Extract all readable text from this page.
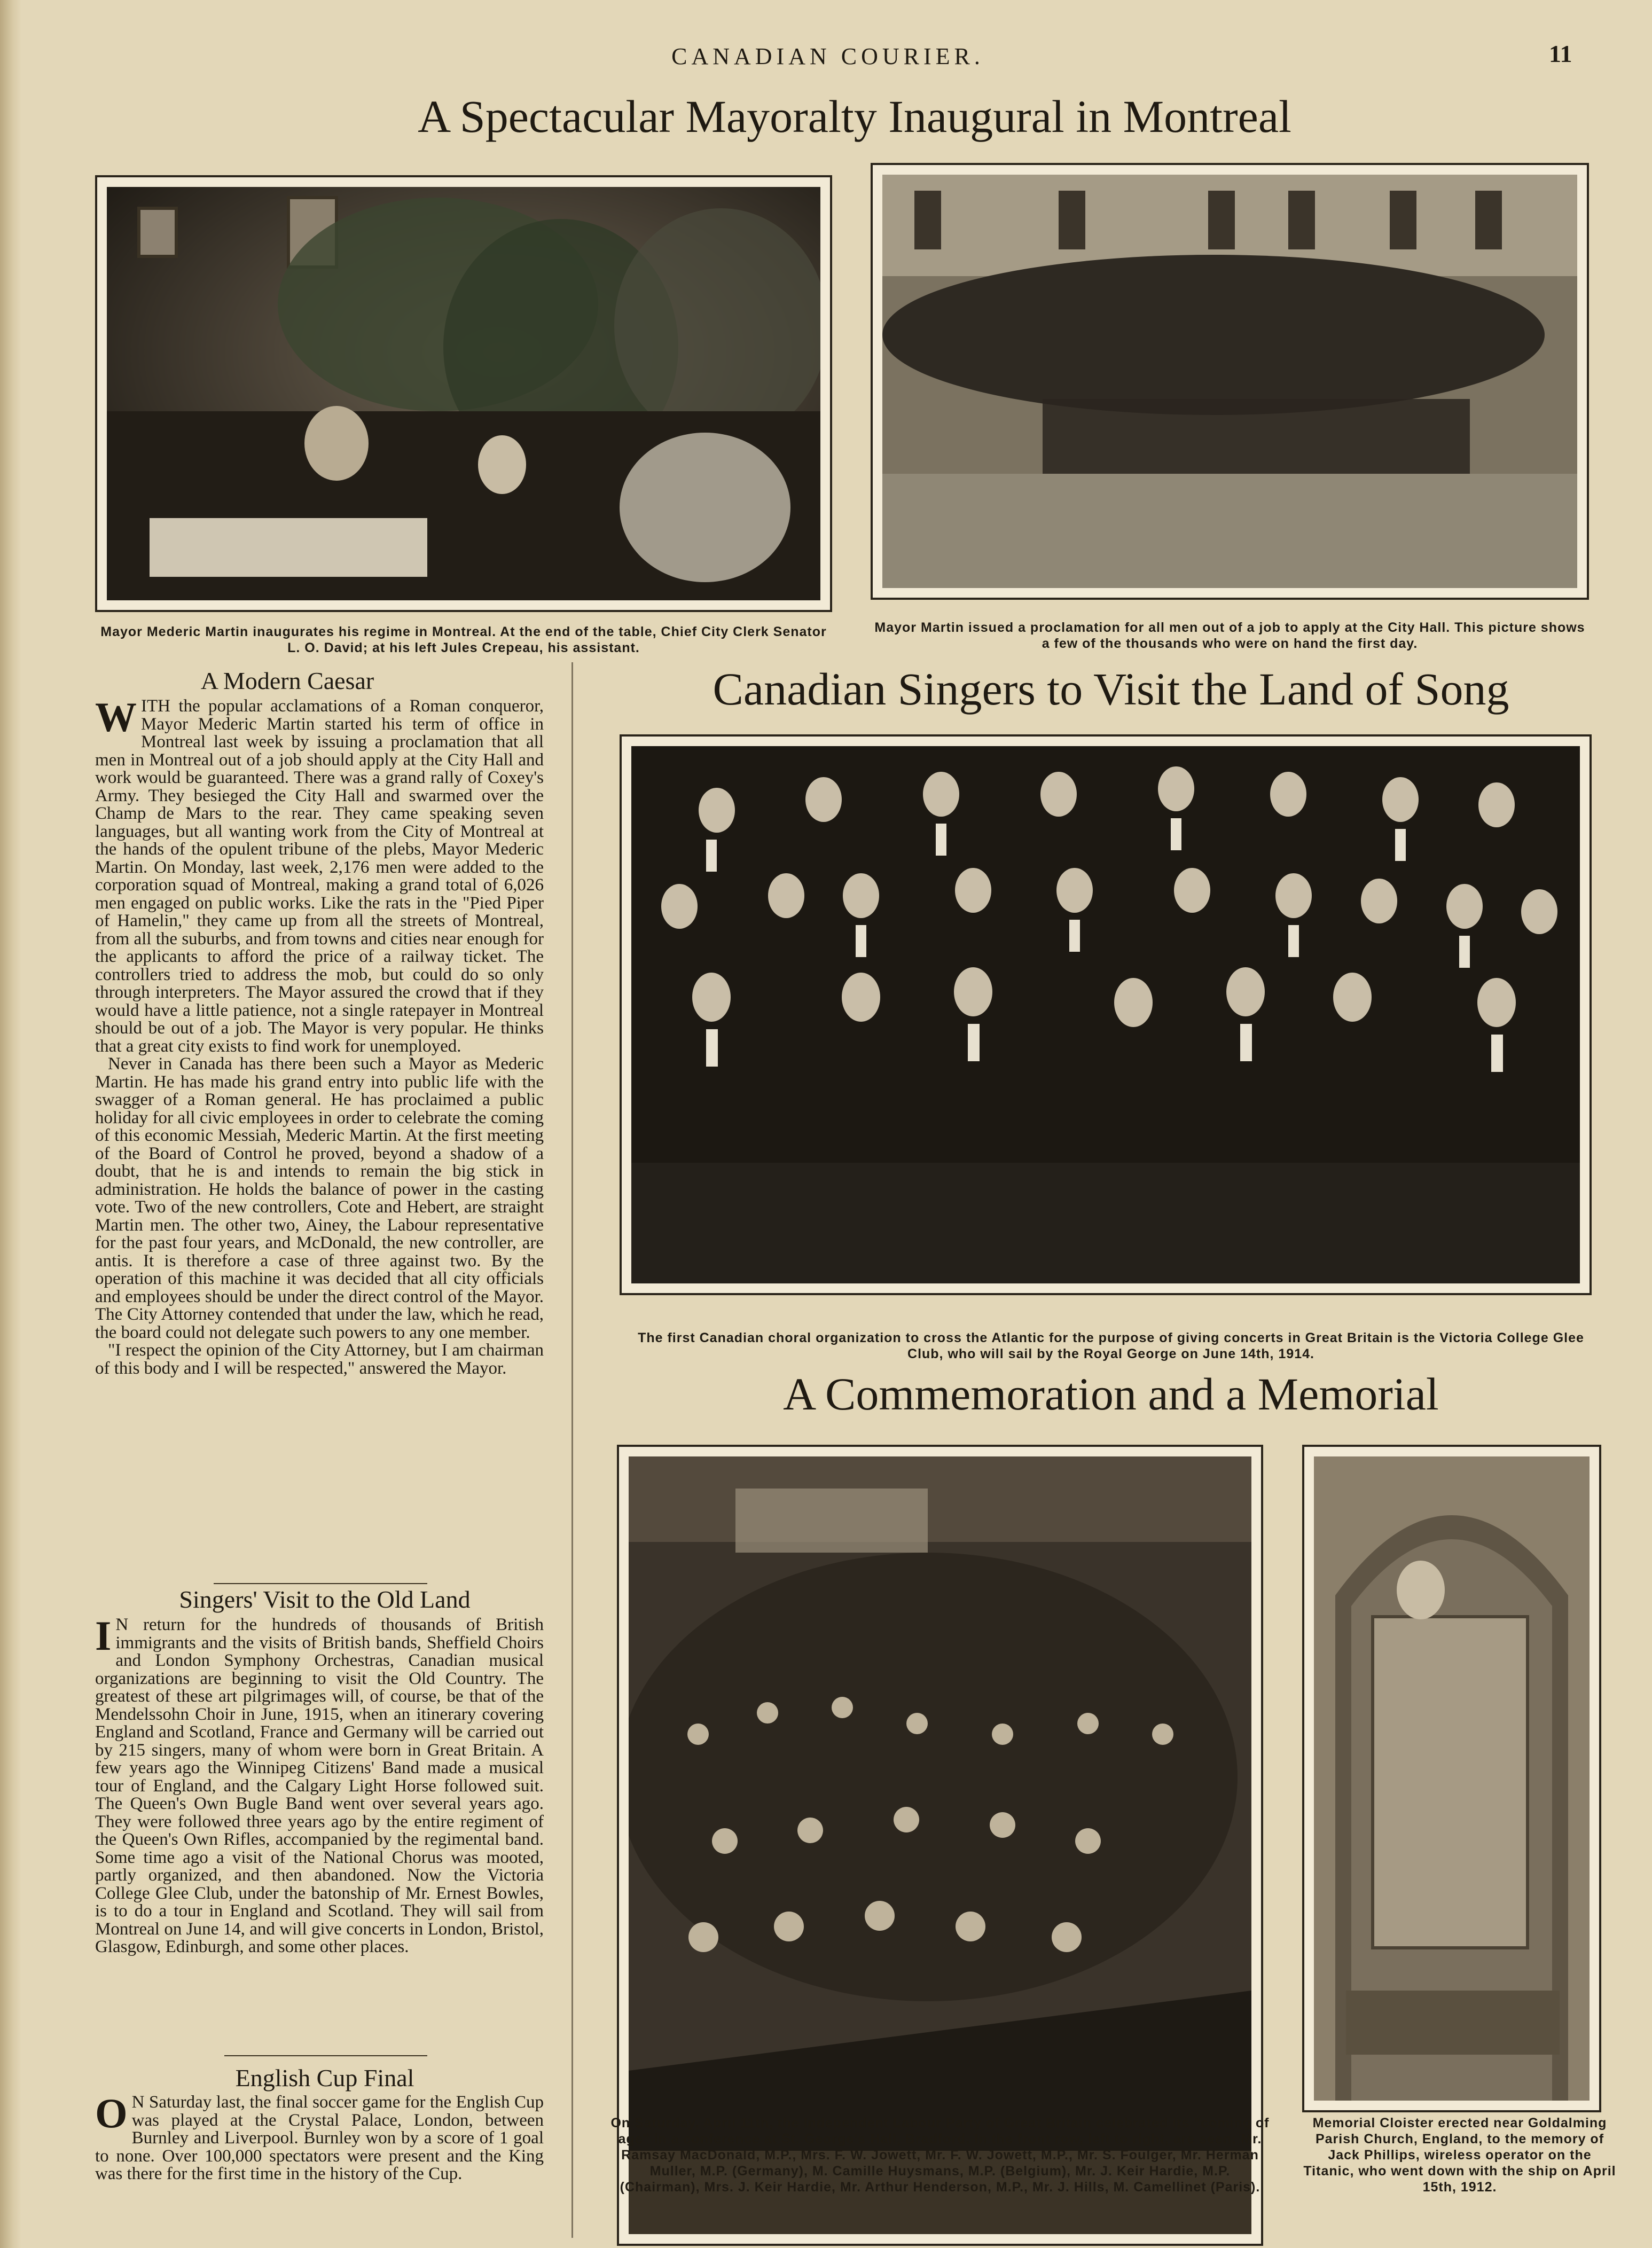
CANADIAN COURIER.	11
A Spectacular Mayoralty Inaugural in Montreal
Mayor Mederic Martin inaugurates his regime in Montreal. At the end of the table, Chief City Clerk Senator L. O. David; at his left Jules Crepeau, his assistant.
Mayor Martin issued a proclamation for all men out of a job to apply at the City Hall. This picture shows a few of the thousands who were on hand the first day.
A Modern Caesar
W ITH the popular acclamations of a Roman conqueror, Mayor Mederic Martin started his term of office in Montreal last week by issuing a proclamation that all men in Montreal out of a job should apply at the City Hall and work would be guaranteed. There was a grand rally of Coxey's Army. They besieged the City Hall and swarmed over the Champ de Mars to the rear. They came speaking seven languages, but all wanting work from the City of Montreal at the hands of the opulent tribune of the plebs, Mayor Mederic Martin. On Monday, last week, 2,176 men were added to the corporation squad of Montreal, making a grand total of 6,026 men engaged on public works. Like the rats in the "Pied Piper of Hamelin," they came up from all the streets of Montreal, from all the suburbs, and from towns and cities near enough for the applicants to afford the price of a railway ticket. The controllers tried to address the mob, but could do so only through interpreters. The Mayor assured the crowd that if they would have a little patience, not a single ratepayer in Montreal should be out of a job. The Mayor is very popular. He thinks that a great city exists to find work for unemployed.

Never in Canada has there been such a Mayor as Mederic Martin. He has made his grand entry into public life with the swagger of a Roman general. He has proclaimed a public holiday for all civic employees in order to celebrate the coming of this economic Messiah, Mederic Martin. At the first meeting of the Board of Control he proved, beyond a shadow of a doubt, that he is and intends to remain the big stick in administration. He holds the balance of power in the casting vote. Two of the new controllers, Cote and Hebert, are straight Martin men. The other two, Ainey, the Labour representative for the past four years, and McDonald, the new controller, are antis. It is therefore a case of three against two. By the operation of this machine it was decided that all city officials and employees should be under the direct control of the Mayor. The City Attorney contended that under the law, which he read, the board could not delegate such powers to any one member.

"I respect the opinion of the City Attorney, but I am chairman of this body and I will be respected," answered the Mayor.

Singers' Visit to the Old Land
I N return for the hundreds of thousands of British immigrants and the visits of British bands, Sheffield Choirs and London Symphony Orchestras, Canadian musical organizations are beginning to visit the Old Country. The greatest of these art pilgrimages will, of course, be that of the Mendelssohn Choir in June, 1915, when an itinerary covering England and Scotland, France and Germany will be carried out by 215 singers, many of whom were born in Great Britain. A few years ago the Winnipeg Citizens' Band made a musical tour of England, and the Calgary Light Horse followed suit. The Queen's Own Bugle Band went over several years ago. They were followed three years ago by the entire regiment of the Queen's Own Rifles, accompanied by the regimental band. Some time ago a visit of the National Chorus was mooted, partly organized, and then abandoned. Now the Victoria College Glee Club, under the batonship of Mr. Ernest Bowles, is to do a tour in England and Scotland. They will sail from Montreal on June 14, and will give concerts in London, Bristol, Glasgow, Edinburgh, and some other places.

English Cup Final
O N Saturday last, the final soccer game for the English Cup was played at the Crystal Palace, London, between Burnley and Liverpool. Burnley won by a score of 1 goal to none. Over 100,000 spectators were present and the King was there for the first time in the history of the Cup.

Canadian Singers to Visit the Land of Song
The first Canadian choral organization to cross the Atlantic for the purpose of giving concerts in Great Britain is the Victoria College Glee Club, who will sail by the Royal George on June 14th, 1914.
A Commemoration and a Memorial
On Saturday, April 11th, the Independent Labour Party of Great Britain celebrated its "coming of age" in a conference at St. George's Hall, Bradford. In the front row, left to right, are seen: Mr. Ramsay MacDonald, M.P., Mrs. F. W. Jowett, Mr. F. W. Jowett, M.P., Mr. S. Foulger, Mr. Herman Muller, M.P. (Germany), M. Camille Huysmans, M.P. (Belgium), Mr. J. Keir Hardie, M.P. (Chairman), Mrs. J. Keir Hardie, Mr. Arthur Henderson, M.P., Mr. J. Hills, M. Camellinet (Paris).
Memorial Cloister erected near Goldalming Parish Church, England, to the memory of Jack Phillips, wireless operator on the Titanic, who went down with the ship on April 15th, 1912.
